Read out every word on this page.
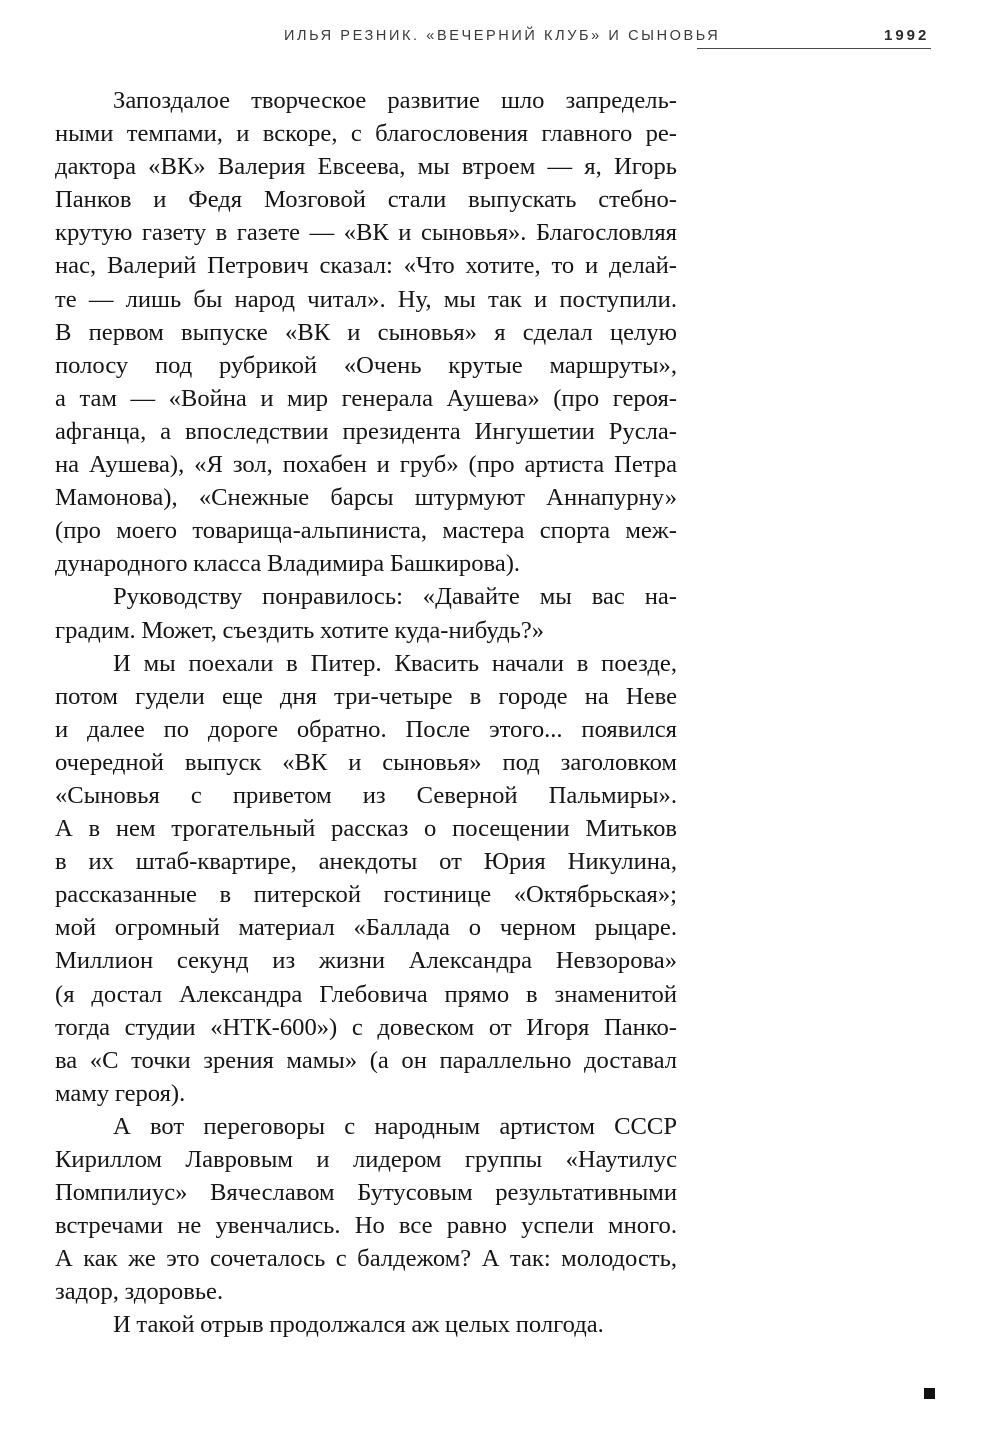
ИЛЬЯ РЕЗНИК. «ВЕЧЕРНИЙ КЛУБ» И СЫНОВЬЯ	1992
Запоздалое творческое развитие шло запредель-
ными темпами, и вскоре, с благословения главного ре-
дактора «ВК» Валерия Евсеева, мы втроем — я, Игорь
Панков и Федя Мозговой стали выпускать стебно-
крутую газету в газете — «ВК и сыновья». Благословляя
нас, Валерий Петрович сказал: «Что хотите, то и делай-
те — лишь бы народ читал». Ну, мы так и поступили.
В первом выпуске «ВК и сыновья» я сделал целую
полосу под рубрикой «Очень крутые маршруты»,
а там — «Война и мир генерала Аушева» (про героя-
афганца, а впоследствии президента Ингушетии Русла-
на Аушева), «Я зол, похабен и груб» (про артиста Петра
Мамонова), «Снежные барсы штурмуют Аннапурну»
(про моего товарища-альпиниста, мастера спорта меж-
дународного класса Владимира Башкирова).
Руководству понравилось: «Давайте мы вас на-
градим. Может, съездить хотите куда-нибудь?»
И мы поехали в Питер. Квасить начали в поезде,
потом гудели еще дня три-четыре в городе на Неве
и далее по дороге обратно. После этого... появился
очередной выпуск «ВК и сыновья» под заголовком
«Сыновья с приветом из Северной Пальмиры».
А в нем трогательный рассказ о посещении Митьков
в их штаб-квартире, анекдоты от Юрия Никулина,
рассказанные в питерской гостинице «Октябрьская»;
мой огромный материал «Баллада о черном рыцаре.
Миллион секунд из жизни Александра Невзорова»
(я достал Александра Глебовича прямо в знаменитой
тогда студии «НТК-600») с довеском от Игоря Панко-
ва «С точки зрения мамы» (а он параллельно доставал
маму героя).
А вот переговоры с народным артистом СССР
Кириллом Лавровым и лидером группы «Наутилус
Помпилиус» Вячеславом Бутусовым результативными
встречами не увенчались. Но все равно успели много.
А как же это сочеталось с балдежом? А так: молодость,
задор, здоровье.
И такой отрыв продолжался аж целых полгода.
